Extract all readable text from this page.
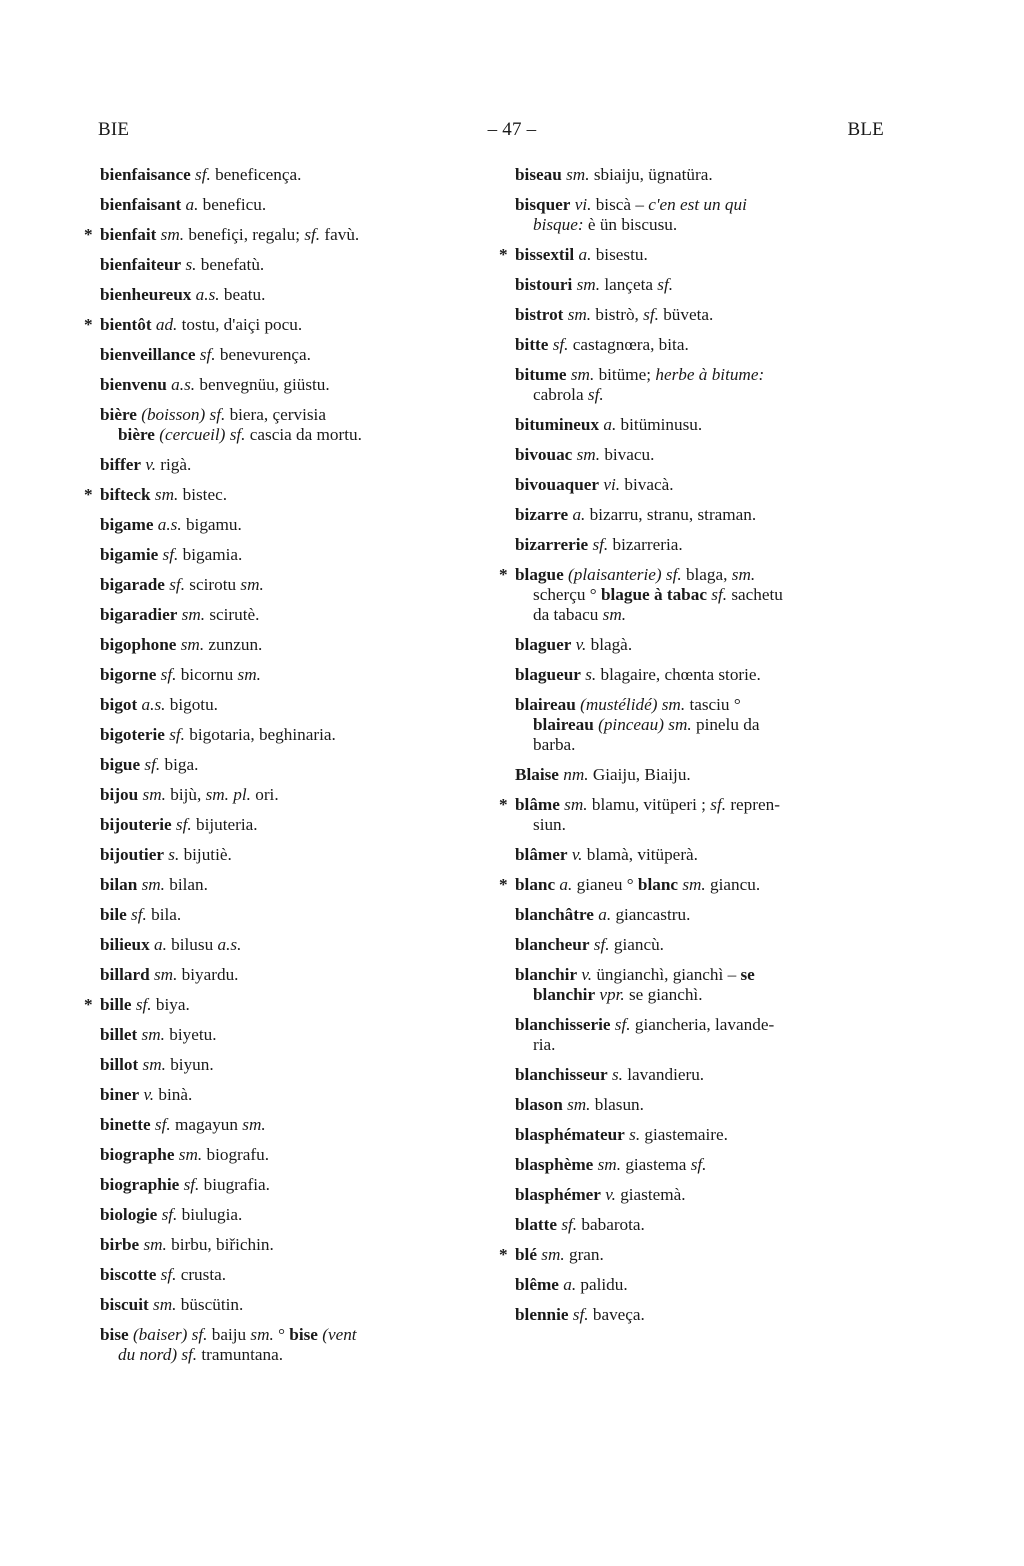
BIE	– 47 –	BLE
bienfaisance sf. beneficença.
bienfaisant a. beneficu.
* bienfait sm. benefiçi, regalu; sf. favù.
bienfaiteur s. benefatù.
bienheureux a.s. beatu.
* bientôt ad. tostu, d'aiçi pocu.
bienveillance sf. benevurença.
bienvenu a.s. benvegnüu, giüstu.
bière (boisson) sf. biera, çervisia
bière (cercueil) sf. cascia da mortu.
biffer v. rigà.
* bifteck sm. bistec.
bigame a.s. bigamu.
bigamie sf. bigamia.
bigarade sf. scirotu sm.
bigaradier sm. scirutè.
bigophone sm. zunzun.
bigorne sf. bicornu sm.
bigot a.s. bigotu.
bigoterie sf. bigotaria, beghinaria.
bigue sf. biga.
bijou sm. bijù, sm. pl. ori.
bijouterie sf. bijuteria.
bijoutier s. bijutiè.
bilan sm. bilan.
bile sf. bila.
bilieux a. bilusu a.s.
billard sm. biyardu.
* bille sf. biya.
billet sm. biyetu.
billot sm. biyun.
biner v. binà.
binette sf. magayun sm.
biographe sm. biografu.
biographie sf. biugrafia.
biologie sf. biulugia.
birbe sm. birbu, biřichin.
biscotte sf. crusta.
biscuit sm. büscütin.
bise (baiser) sf. baiju sm. ° bise (vent
du nord) sf. tramuntana.
biseau sm. sbiaiju, ügnatüra.
bisquer vi. biscà – c'en est un qui
bisque: è ün biscusu.
* bissextil a. bisestu.
bistouri sm. lançeta sf.
bistrot sm. bistrò, sf. büveta.
bitte sf. castagnœra, bita.
bitume sm. bitüme; herbe à bitume:
cabrola sf.
bitumineux a. bitüminusu.
bivouac sm. bivacu.
bivouaquer vi. bivacà.
bizarre a. bizarru, stranu, straman.
bizarrerie sf. bizarreria.
* blague (plaisanterie) sf. blaga, sm.
scherçu ° blague à tabac sf. sachetu
da tabacu sm.
blaguer v. blagà.
blagueur s. blagaire, chœnta storie.
blaireau (mustélidé) sm. tasciu °
blaireau (pinceau) sm. pinelu da
barba.
Blaise nm. Giaiju, Biaiju.
* blâme sm. blamu, vitüperi ; sf. repren-
siun.
blâmer v. blamà, vitüperà.
* blanc a. gianeu ° blanc sm. giancu.
blanchâtre a. giancastru.
blancheur sf. giancù.
blanchir v. üngianchì, gianchì – se
blanchir vpr. se gianchì.
blanchisserie sf. giancheria, lavande-
ria.
blanchisseur s. lavandieru.
blason sm. blasun.
blasphémateur s. giastemaire.
blasphème sm. giastema sf.
blasphémer v. giastemà.
blatte sf. babarota.
* blé sm. gran.
blême a. palidu.
blennie sf. baveça.
